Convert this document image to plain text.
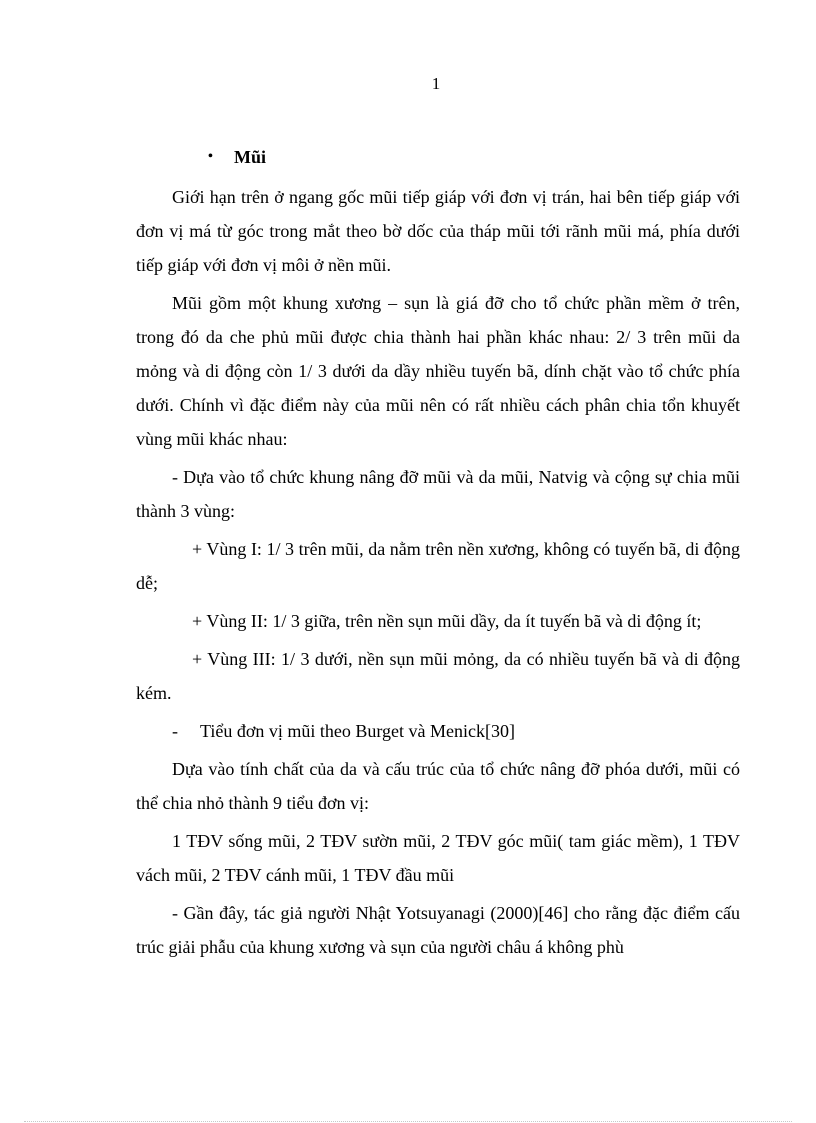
1
• Mũi

Giới hạn trên ở ngang gốc mũi tiếp giáp với đơn vị trán, hai bên tiếp giáp với đơn vị má từ góc trong mắt theo bờ dốc của tháp mũi tới rãnh mũi má, phía dưới tiếp giáp với đơn vị môi ở nền mũi.

Mũi gồm một khung xương – sụn là giá đỡ cho tổ chức phần mềm ở trên, trong đó da che phủ mũi được chia thành hai phần khác nhau: 2/ 3 trên mũi da mỏng và di động còn 1/ 3 dưới da dầy nhiều tuyến bã, dính chặt vào tổ chức phía dưới. Chính vì đặc điểm này của mũi nên có rất nhiều cách phân chia tổn khuyết vùng mũi khác nhau:

- Dựa vào tổ chức khung nâng đỡ mũi và da mũi, Natvig và cộng sự chia mũi thành 3 vùng:

+ Vùng I: 1/ 3 trên mũi, da nằm trên nền xương, không có tuyến bã, di động dễ;

+ Vùng II: 1/ 3 giữa, trên nền sụn mũi dầy, da ít tuyến bã và di động ít;

+ Vùng III: 1/ 3 dưới, nền sụn mũi mỏng, da có nhiều tuyến bã và di động kém.

- Tiểu đơn vị mũi theo Burget và Menick[30]

Dựa vào tính chất của da và cấu trúc của tổ chức nâng đỡ phóa dưới, mũi có thể chia nhỏ thành 9 tiểu đơn vị:

1 TĐV sống mũi, 2 TĐV sườn mũi, 2 TĐV góc mũi( tam giác mềm), 1 TĐV vách mũi, 2 TĐV cánh mũi, 1 TĐV đầu mũi

- Gần đây, tác giả người Nhật Yotsuyanagi (2000)[46] cho rằng đặc điểm cấu trúc giải phẫu của khung xương và sụn của người châu á không phù
